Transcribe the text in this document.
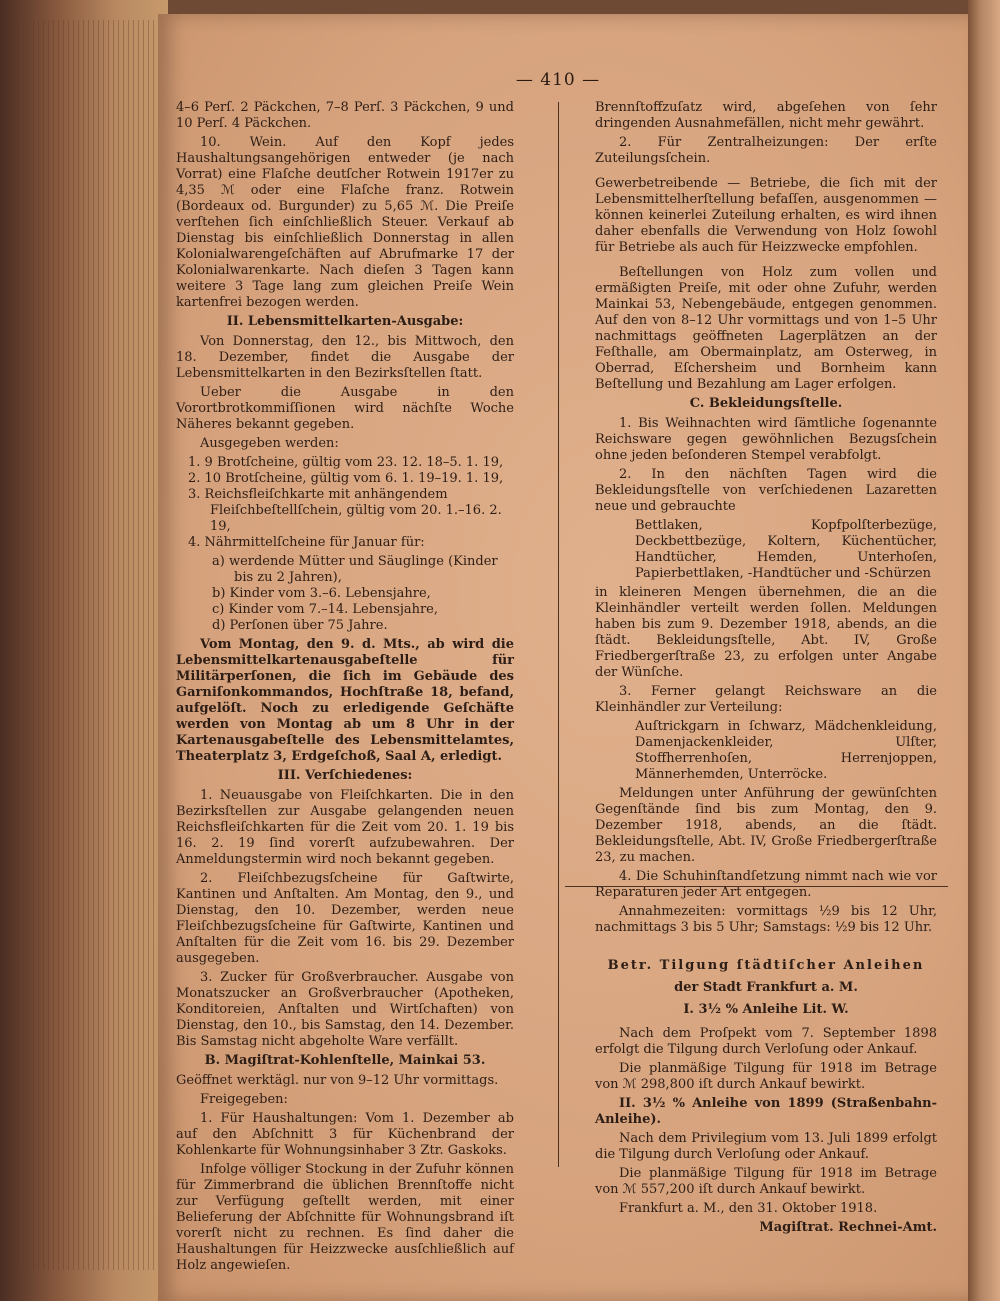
— 410 —

4–6 Perſ. 2 Päckchen, 7–8 Perſ. 3 Päckchen, 9 und 10 Perſ. 4 Päckchen.

10. Wein. Auf den Kopf jedes Haushaltungsangehörigen entweder (je nach Vorrat) eine Flaſche deutſcher Rotwein 1917er zu 4,35 ℳ oder eine Flaſche franz. Rotwein (Bordeaux od. Burgunder) zu 5,65 ℳ. Die Preiſe verſtehen ſich einſchließlich Steuer. Verkauf ab Dienstag bis einſchließlich Donnerstag in allen Kolonialwarengeſchäften auf Abrufmarke 17 der Kolonialwarenkarte. Nach dieſen 3 Tagen kann weitere 3 Tage lang zum gleichen Preiſe Wein kartenfrei bezogen werden.

II. Lebensmittelkarten-Ausgabe:

Von Donnerstag, den 12., bis Mittwoch, den 18. Dezember, findet die Ausgabe der Lebensmittelkarten in den Bezirksſtellen ſtatt.

Ueber die Ausgabe in den Vorortbrotkommiſſionen wird nächſte Woche Näheres bekannt gegeben.

Ausgegeben werden:

1. 9 Brotſcheine, gültig vom 23. 12. 18–5. 1. 19,
2. 10 Brotſcheine, gültig vom 6. 1. 19–19. 1. 19,
3. Reichsfleiſchkarte mit anhängendem Fleiſchbeſtellſchein, gültig vom 20. 1.–16. 2. 19,
4. Nährmittelſcheine für Januar für:
a) werdende Mütter und Säuglinge (Kinder bis zu 2 Jahren),
b) Kinder vom 3.–6. Lebensjahre,
c) Kinder vom 7.–14. Lebensjahre,
d) Perſonen über 75 Jahre.

Vom Montag, den 9. d. Mts., ab wird die Lebensmittelkartenausgabeſtelle für Militärperſonen, die ſich im Gebäude des Garniſonkommandos, Hochſtraße 18, befand, aufgelöſt. Noch zu erledigende Geſchäfte werden von Montag ab um 8 Uhr in der Kartenausgabeſtelle des Lebensmittelamtes, Theaterplatz 3, Erdgeſchoß, Saal A, erledigt.

III. Verſchiedenes:

1. Neuausgabe von Fleiſchkarten. Die in den Bezirksſtellen zur Ausgabe gelangenden neuen Reichsfleiſchkarten für die Zeit vom 20. 1. 19 bis 16. 2. 19 ſind vorerſt aufzubewahren. Der Anmeldungstermin wird noch bekannt gegeben.

2. Fleiſchbezugsſcheine für Gaſtwirte, Kantinen und Anſtalten. Am Montag, den 9., und Dienstag, den 10. Dezember, werden neue Fleiſchbezugsſcheine für Gaſtwirte, Kantinen und Anſtalten für die Zeit vom 16. bis 29. Dezember ausgegeben.

3. Zucker für Großverbraucher. Ausgabe von Monatszucker an Großverbraucher (Apotheken, Konditoreien, Anſtalten und Wirtſchaften) von Dienstag, den 10., bis Samstag, den 14. Dezember. Bis Samstag nicht abgeholte Ware verfällt.

B. Magiſtrat-Kohlenſtelle, Mainkai 53.

Geöffnet werktägl. nur von 9–12 Uhr vormittags.

Freigegeben:

1. Für Haushaltungen: Vom 1. Dezember ab auf den Abſchnitt 3 für Küchenbrand der Kohlenkarte für Wohnungsinhaber 3 Ztr. Gaskoks.

Infolge völliger Stockung in der Zufuhr können für Zimmerbrand die üblichen Brennſtoffe nicht zur Verfügung geſtellt werden, mit einer Belieferung der Abſchnitte für Wohnungsbrand iſt vorerſt nicht zu rechnen. Es ſind daher die Haushaltungen für Heizzwecke ausſchließlich auf Holz angewieſen.

Brennſtoffzuſatz wird, abgeſehen von ſehr dringenden Ausnahmefällen, nicht mehr gewährt.

2. Für Zentralheizungen: Der erſte Zuteilungsſchein.

Gewerbetreibende — Betriebe, die ſich mit der Lebensmittelherſtellung befaſſen, ausgenommen — können keinerlei Zuteilung erhalten, es wird ihnen daher ebenfalls die Verwendung von Holz ſowohl für Betriebe als auch für Heizzwecke empfohlen.

Beſtellungen von Holz zum vollen und ermäßigten Preiſe, mit oder ohne Zufuhr, werden Mainkai 53, Nebengebäude, entgegen genommen. Auf den von 8–12 Uhr vormittags und von 1–5 Uhr nachmittags geöffneten Lagerplätzen an der Feſthalle, am Obermainplatz, am Osterweg, in Oberrad, Eſchersheim und Bornheim kann Beſtellung und Bezahlung am Lager erfolgen.

C. Bekleidungsſtelle.

1. Bis Weihnachten wird ſämtliche ſogenannte Reichsware gegen gewöhnlichen Bezugsſchein ohne jeden beſonderen Stempel verabfolgt.

2. In den nächſten Tagen wird die Bekleidungsſtelle von verſchiedenen Lazaretten neue und gebrauchte

Bettlaken, Kopfpolſterbezüge, Deckbettbezüge, Koltern, Küchentücher, Handtücher, Hemden, Unterhoſen, Papierbettlaken, -Handtücher und -Schürzen

in kleineren Mengen übernehmen, die an die Kleinhändler verteilt werden ſollen. Meldungen haben bis zum 9. Dezember 1918, abends, an die ſtädt. Bekleidungsſtelle, Abt. IV, Große Friedbergerſtraße 23, zu erfolgen unter Angabe der Wünſche.

3. Ferner gelangt Reichsware an die Kleinhändler zur Verteilung:

Auſtrickgarn in ſchwarz, Mädchenkleidung, Damenjackenkleider, Ulſter, Stoffherrenhoſen, Herrenjoppen, Männerhemden, Unterröcke.

Meldungen unter Anführung der gewünſchten Gegenſtände ſind bis zum Montag, den 9. Dezember 1918, abends, an die ſtädt. Bekleidungsſtelle, Abt. IV, Große Friedbergerſtraße 23, zu machen.

4. Die Schuhinſtandſetzung nimmt nach wie vor Reparaturen jeder Art entgegen.

Annahmezeiten: vormittags ½9 bis 12 Uhr, nachmittags 3 bis 5 Uhr; Samstags: ½9 bis 12 Uhr.

Betr. Tilgung ſtädtiſcher Anleihen
der Stadt Frankfurt a. M.
I. 3½ % Anleihe Lit. W.

Nach dem Proſpekt vom 7. September 1898 erfolgt die Tilgung durch Verloſung oder Ankauf.

Die planmäßige Tilgung für 1918 im Betrage von ℳ 298,800 iſt durch Ankauf bewirkt.

II. 3½ % Anleihe von 1899 (Straßenbahn-Anleihe).

Nach dem Privilegium vom 13. Juli 1899 erfolgt die Tilgung durch Verloſung oder Ankauf.

Die planmäßige Tilgung für 1918 im Betrage von ℳ 557,200 iſt durch Ankauf bewirkt.

Frankfurt a. M., den 31. Oktober 1918.

Magiſtrat. Rechnei-Amt.
